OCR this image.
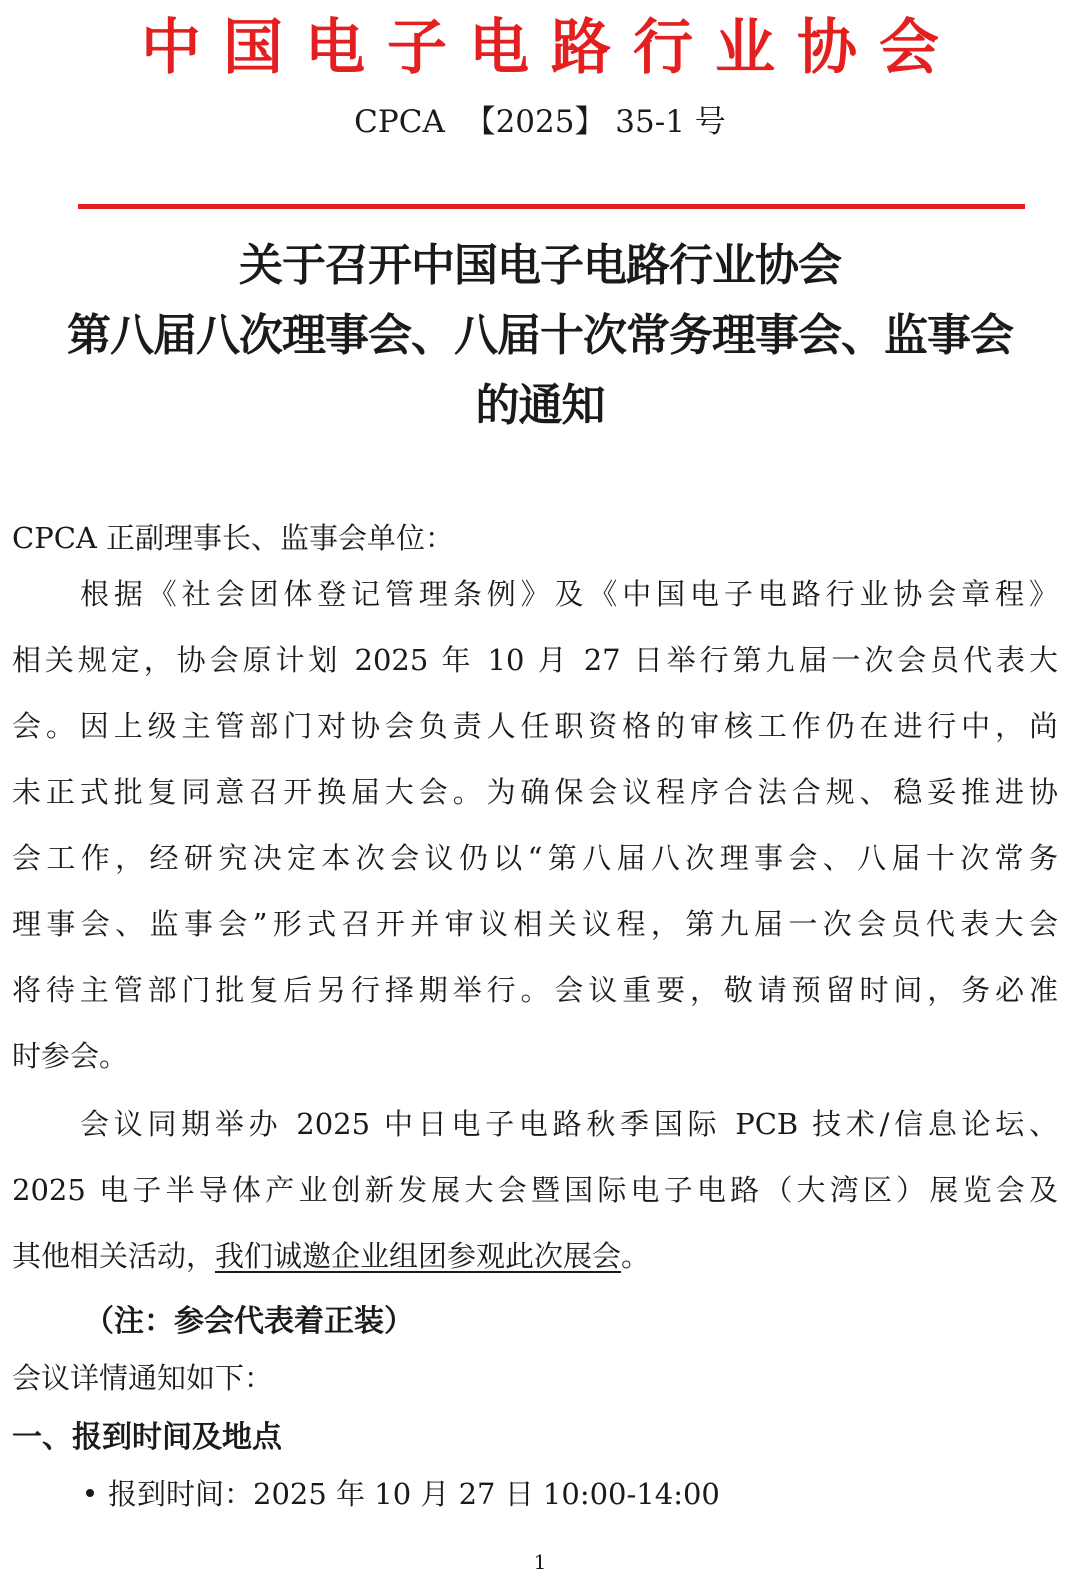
中国电子电路行业协会
CPCA  【2025】 35-1 号
关于召开中国电子电路行业协会
第八届八次理事会、八届十次常务理事会、监事会
的通知
CPCA 正副理事长、监事会单位：
根据《社会团体登记管理条例》及《中国电子电路行业协会章程》
相关规定，协会原计划 2025 年 10 月 27 日举行第九届一次会员代表大
会。因上级主管部门对协会负责人任职资格的审核工作仍在进行中，尚
未正式批复同意召开换届大会。为确保会议程序合法合规、稳妥推进协
会工作，经研究决定本次会议仍以“第八届八次理事会、八届十次常务
理事会、监事会”形式召开并审议相关议程，第九届一次会员代表大会
将待主管部门批复后另行择期举行。会议重要，敬请预留时间，务必准
时参会。
会议同期举办 2025 中日电子电路秋季国际 PCB 技术/信息论坛、
2025 电子半导体产业创新发展大会暨国际电子电路（大湾区）展览会及
其他相关活动，我们诚邀企业组团参观此次展会。
（注：参会代表着正装）
会议详情通知如下：
一、报到时间及地点
报到时间：2025 年 10 月 27 日 10:00-14:00
1
